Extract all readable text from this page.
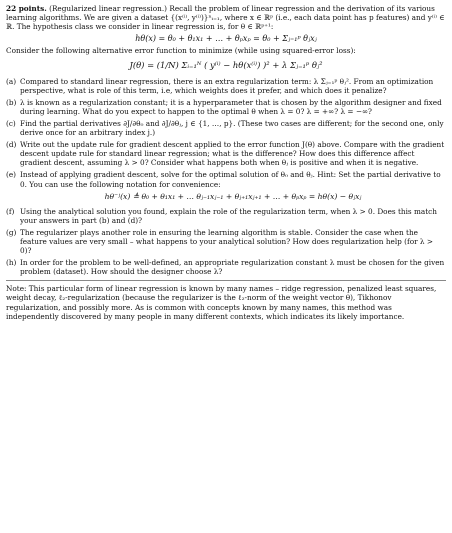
22 points. (Regularized linear regression.) Recall the problem of linear regression and the derivation of its various learning algorithms. We are given a dataset {(x⁽ⁱ⁾, y⁽ⁱ⁾)}ⁿᵢ₌₁, where x ∈ ℝᵖ (i.e., each data point has p features) and y⁽ⁱ⁾ ∈ ℝ. The hypothesis class we consider in linear regression is, for θ ∈ ℝᵖ⁺¹:

hθ(x) = θ₀ + θ₁x₁ + … + θₚxₚ = θ₀ + Σⱼ₌₁ᵖ θⱼxⱼ

Consider the following alternative error function to minimize (while using squared-error loss):

J(θ) = (1/N) Σᵢ₌₁ᴺ ( y⁽ⁱ⁾ − hθ(x⁽ⁱ⁾) )² + λ Σⱼ₌₁ᵖ θⱼ²
(a) Compared to standard linear regression, there is an extra regularization term: λ Σⱼ₌₁ᵖ θⱼ². From an optimization perspective, what is role of this term, i.e, which weights does it prefer, and which does it penalize?
(b) λ is known as a regularization constant; it is a hyperparameter that is chosen by the algorithm designer and fixed during learning. What do you expect to happen to the optimal θ when λ = 0? λ = +∞? λ = −∞?
(c) Find the partial derivatives ∂J/∂θ₀ and ∂J/∂θⱼ, j ∈ {1, …, p}. (These two cases are different; for the second one, only derive once for an arbitrary index j.)
(d) Write out the update rule for gradient descent applied to the error function J(θ) above. Compare with the gradient descent update rule for standard linear regression; what is the difference? How does this difference affect gradient descent, assuming λ > 0? Consider what happens both when θⱼ is positive and when it is negative.
(e) Instead of applying gradient descent, solve for the optimal solution of θ₀ and θⱼ. Hint: Set the partial derivative to 0. You can use the following notation for convenience:
hθ⁻ʲ(x) ≜ θ₀ + θ₁x₁ + … θⱼ₋₁xⱼ₋₁ + θⱼ₊₁xⱼ₊₁ + … + θₚxₚ = hθ(x) − θⱼxⱼ
(f) Using the analytical solution you found, explain the role of the regularization term, when λ > 0. Does this match your answers in part (b) and (d)?
(g) The regularizer plays another role in ensuring the learning algorithm is stable. Consider the case when the feature values are very small – what happens to your analytical solution? How does regularization help (for λ > 0)?
(h) In order for the problem to be well-defined, an appropriate regularization constant λ must be chosen for the given problem (dataset). How should the designer choose λ?

Note: This particular form of linear regression is known by many names – ridge regression, penalized least squares, weight decay, ℓ₂-regularization (because the regularizer is the ℓ₂-norm of the weight vector θ), Tikhonov regularization, and possibly more. As is common with concepts known by many names, this method was independently discovered by many people in many different contexts, which indicates its likely importance.
